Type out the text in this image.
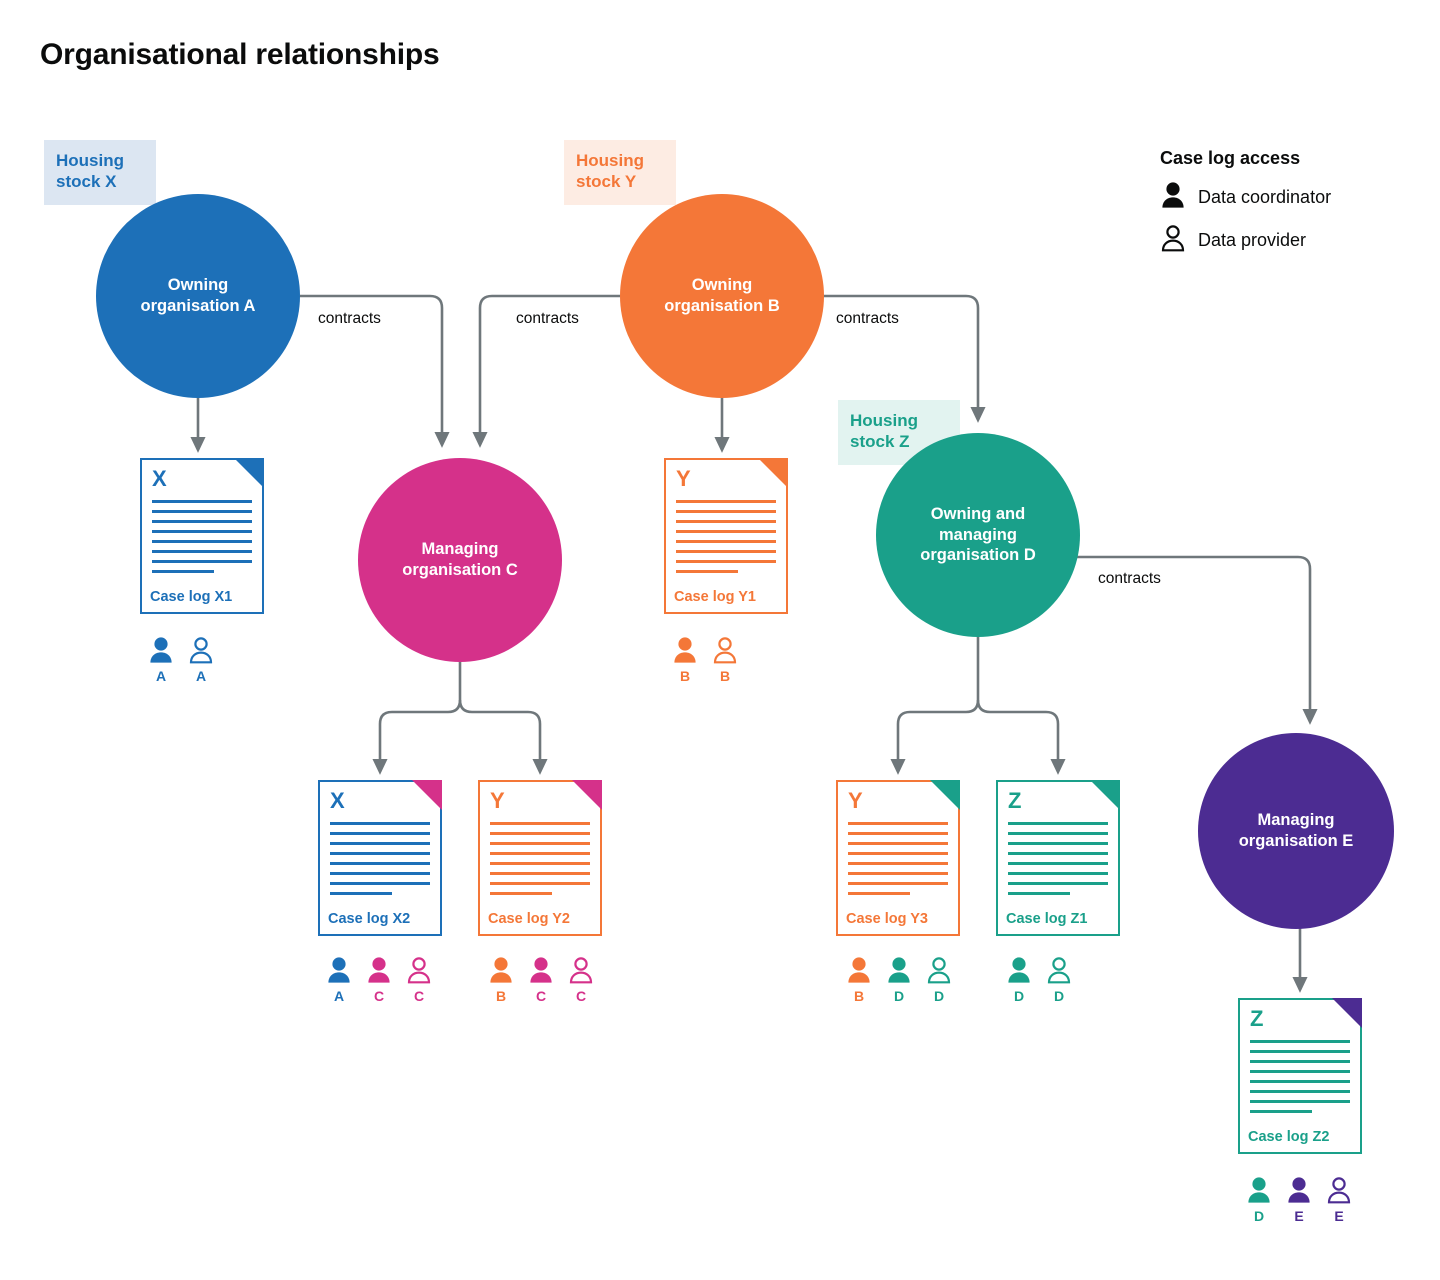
Organisational relationships
Housing
stock X
Housing
stock Y
Housing
stock Z
Owning
organisation A
Owning
organisation B
Managing
organisation C
Owning and
managing
organisation D
Managing
organisation E
contracts	contracts	contracts
contracts
X
Case log X1
Y
Case log Y1
X
Case log X2
Y
Case log Y2
Y
Case log Y3
Z
Case log Z1
Z
Case log Z2
A	A	B	B
A	C	C	B	C	C	B	D	D	D	D
D	E	E
Case log access
Data coordinator
Data provider
